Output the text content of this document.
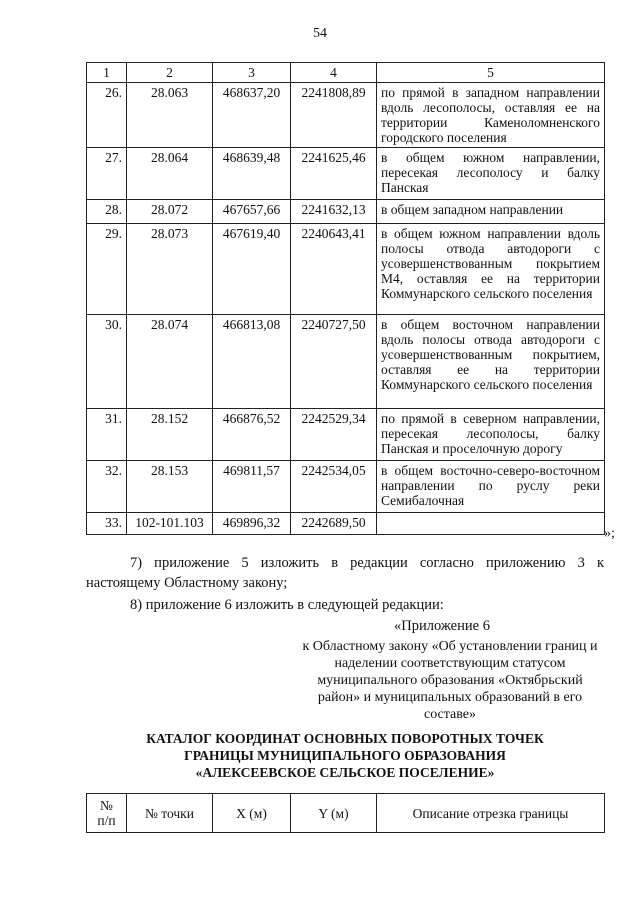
54
1	2	3	4	5
26.	28.063	468637,20	2241808,89	по прямой в западном направлении вдоль лесополосы, оставляя ее на территории Каменоломненского городского поселения
27.	28.064	468639,48	2241625,46	в общем южном направлении, пересекая лесополосу и балку Панская
28.	28.072	467657,66	2241632,13	в общем западном направлении
29.	28.073	467619,40	2240643,41	в общем южном направлении вдоль полосы отвода автодороги с усовершенствованным покрытием М4, оставляя ее на территории Коммунарского сельского поселения
30.	28.074	466813,08	2240727,50	в общем восточном направлении вдоль полосы отвода автодороги с усовершенствованным покрытием, оставляя ее на территории Коммунарского сельского поселения
31.	28.152	466876,52	2242529,34	по прямой в северном направлении, пересекая лесополосы, балку Панская и проселочную дорогу
32.	28.153	469811,57	2242534,05	в общем восточно-северо-восточном направлении по руслу реки Семибалочная
33.	102-101.103	469896,32	2242689,50	
»;

7) приложение 5 изложить в редакции согласно приложению 3 к настоящему Областному закону;

8) приложение 6 изложить в следующей редакции:

«Приложение 6
к Областному закону «Об установлении границ и наделении соответствующим статусом муниципального образования «Октябрьский район» и муниципальных образований в его составе»
КАТАЛОГ КООРДИНАТ ОСНОВНЫХ ПОВОРОТНЫХ ТОЧЕК
ГРАНИЦЫ МУНИЦИПАЛЬНОГО ОБРАЗОВАНИЯ
«АЛЕКСЕЕВСКОЕ СЕЛЬСКОЕ ПОСЕЛЕНИЕ»
№
п/п	№ точки	X (м)	Y (м)	Описание отрезка границы
